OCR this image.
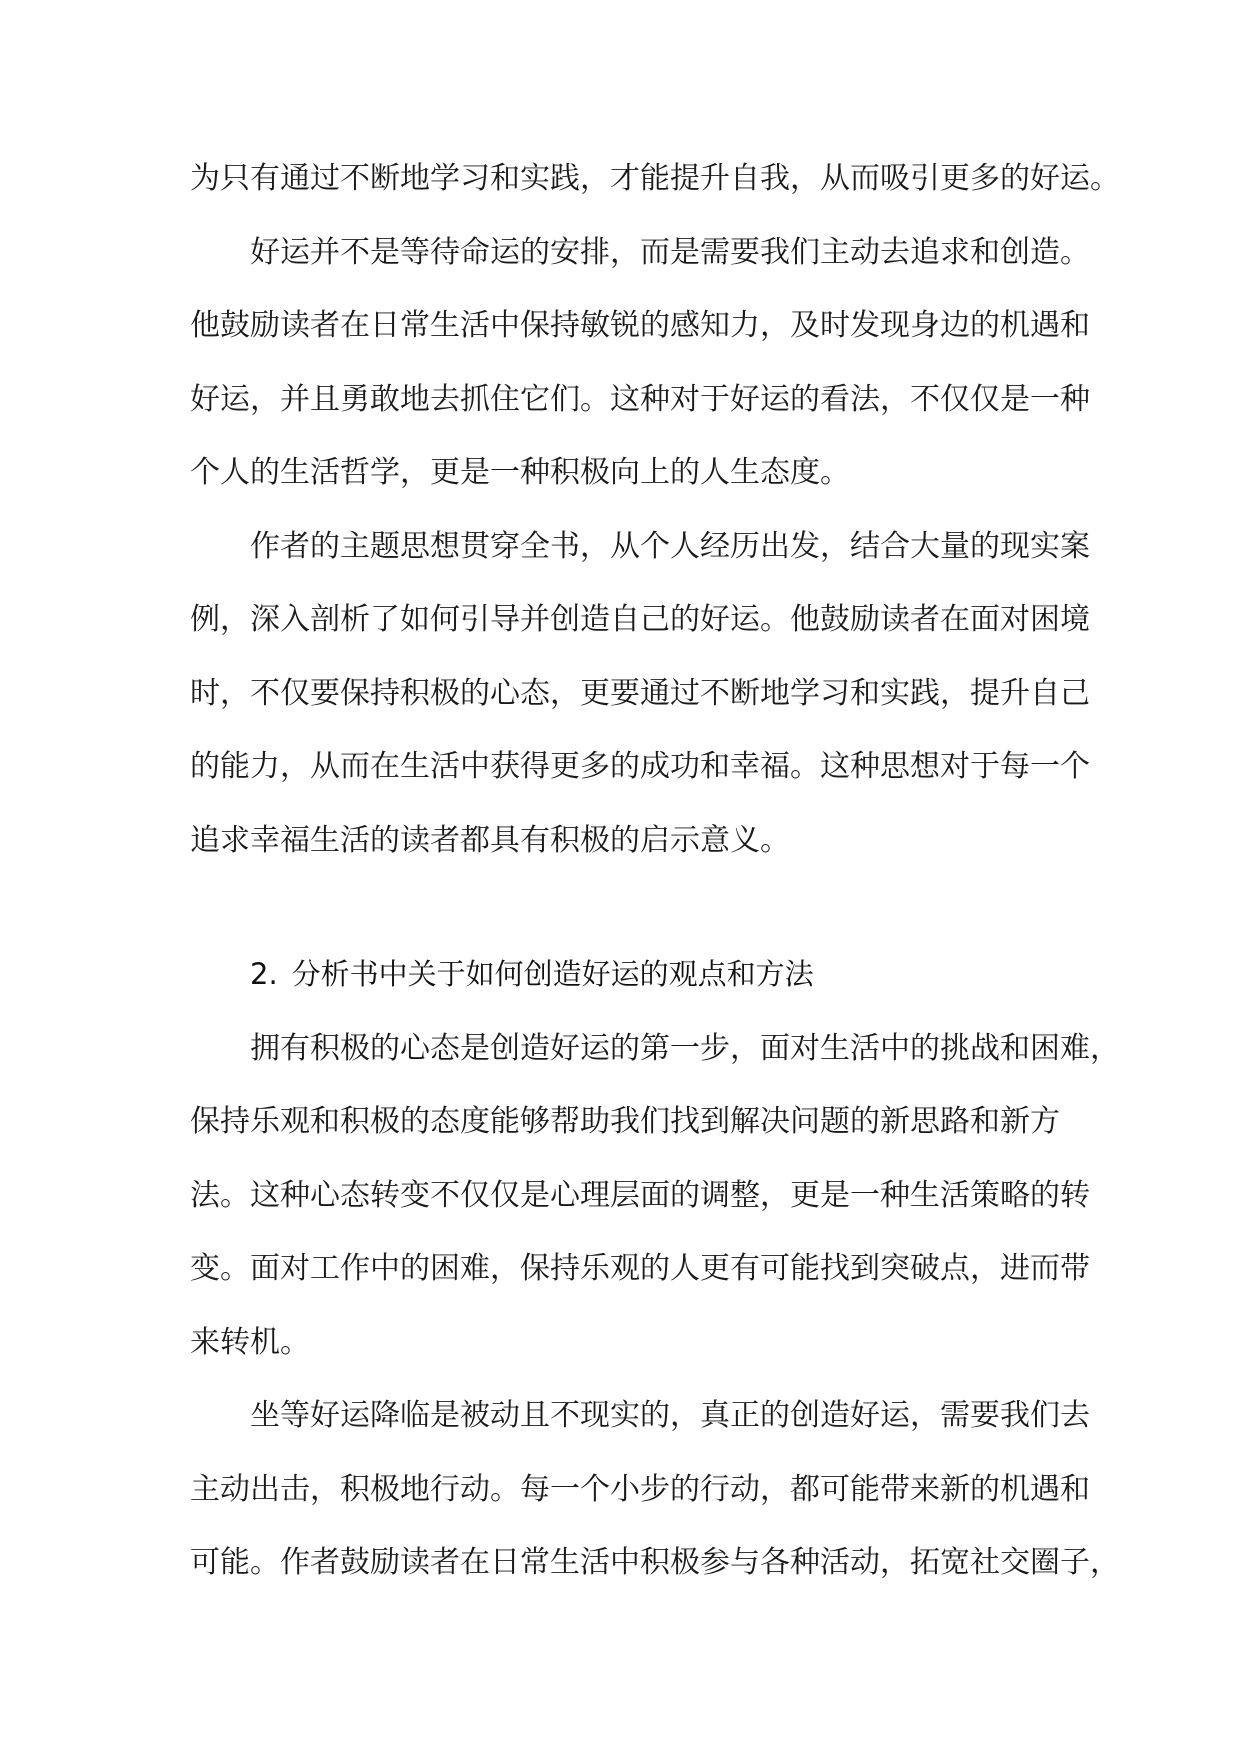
为只有通过不断地学习和实践，才能提升自我，从而吸引更多的好运。
好运并不是等待命运的安排，而是需要我们主动去追求和创造。
他鼓励读者在日常生活中保持敏锐的感知力，及时发现身边的机遇和
好运，并且勇敢地去抓住它们。这种对于好运的看法，不仅仅是一种
个人的生活哲学，更是一种积极向上的人生态度。
作者的主题思想贯穿全书，从个人经历出发，结合大量的现实案
例，深入剖析了如何引导并创造自己的好运。他鼓励读者在面对困境
时，不仅要保持积极的心态，更要通过不断地学习和实践，提升自己
的能力，从而在生活中获得更多的成功和幸福。这种思想对于每一个
追求幸福生活的读者都具有积极的启示意义。
2. 分析书中关于如何创造好运的观点和方法
拥有积极的心态是创造好运的第一步，面对生活中的挑战和困难，
保持乐观和积极的态度能够帮助我们找到解决问题的新思路和新方
法。这种心态转变不仅仅是心理层面的调整，更是一种生活策略的转
变。面对工作中的困难，保持乐观的人更有可能找到突破点，进而带
来转机。
坐等好运降临是被动且不现实的，真正的创造好运，需要我们去
主动出击，积极地行动。每一个小步的行动，都可能带来新的机遇和
可能。作者鼓励读者在日常生活中积极参与各种活动，拓宽社交圈子，
